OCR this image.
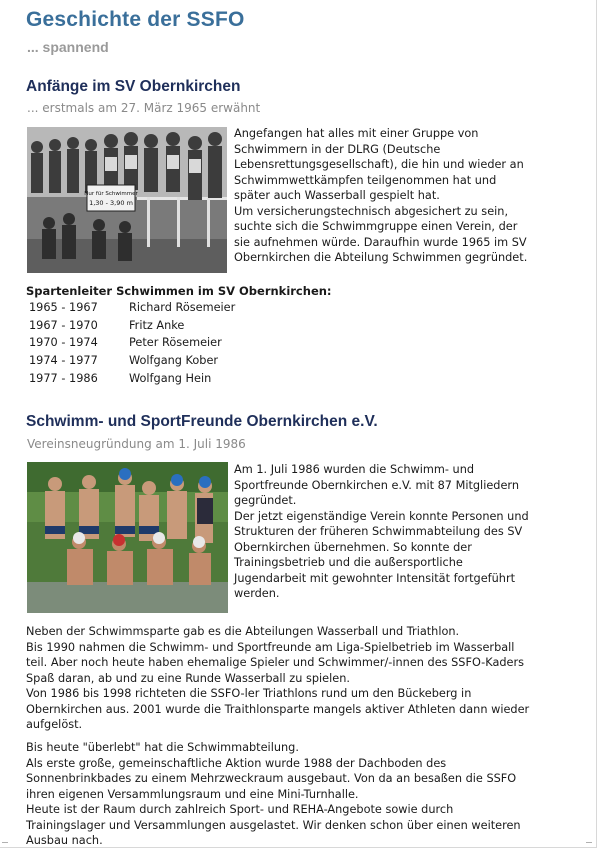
Geschichte der SSFO
... spannend
Anfänge im SV Obernkirchen
... erstmals am 27. März 1965 erwähnt
Nur für Schwimmer
1,30 - 3,90 m
Angefangen hat alles mit einer Gruppe von
Schwimmern in der DLRG (Deutsche
Lebensrettungsgesellschaft), die hin und wieder an
Schwimmwettkämpfen teilgenommen hat und
später auch Wasserball gespielt hat.
Um versicherungstechnisch abgesichert zu sein,
suchte sich die Schwimmgruppe einen Verein, der
sie aufnehmen würde. Daraufhin wurde 1965 im SV
Obernkirchen die Abteilung Schwimmen gegründet.
Spartenleiter Schwimmen im SV Obernkirchen:
1965 - 1967	Richard Rösemeier
1967 - 1970	Fritz Anke
1970 - 1974	Peter Rösemeier
1974 - 1977	Wolfgang Kober
1977 - 1986	Wolfgang Hein
Schwimm- und SportFreunde Obernkirchen e.V.
Vereinsneugründung am 1. Juli 1986
Am 1. Juli 1986 wurden die Schwimm- und
Sportfreunde Obernkirchen e.V. mit 87 Mitgliedern
gegründet.
Der jetzt eigenständige Verein konnte Personen und
Strukturen der früheren Schwimmabteilung des SV
Obernkirchen übernehmen. So konnte der
Trainingsbetrieb und die außersportliche
Jugendarbeit mit gewohnter Intensität fortgeführt
werden.
Neben der Schwimmsparte gab es die Abteilungen Wasserball und Triathlon.
Bis 1990 nahmen die Schwimm- und Sportfreunde am Liga-Spielbetrieb im Wasserball
teil. Aber noch heute haben ehemalige Spieler und Schwimmer/-innen des SSFO-Kaders
Spaß daran, ab und zu eine Runde Wasserball zu spielen.
Von 1986 bis 1998 richteten die SSFO-ler Triathlons rund um den Bückeberg in
Obernkirchen aus. 2001 wurde die Traithlonsparte mangels aktiver Athleten dann wieder
aufgelöst.
Bis heute "überlebt" hat die Schwimmabteilung.
Als erste große, gemeinschaftliche Aktion wurde 1988 der Dachboden des
Sonnenbrinkbades zu einem Mehrzweckraum ausgebaut. Von da an besaßen die SSFO
ihren eigenen Versammlungsraum und eine Mini-Turnhalle.
Heute ist der Raum durch zahlreich Sport- und REHA-Angebote sowie durch
Trainingslager und Versammlungen ausgelastet. Wir denken schon über einen weiteren
Ausbau nach.
